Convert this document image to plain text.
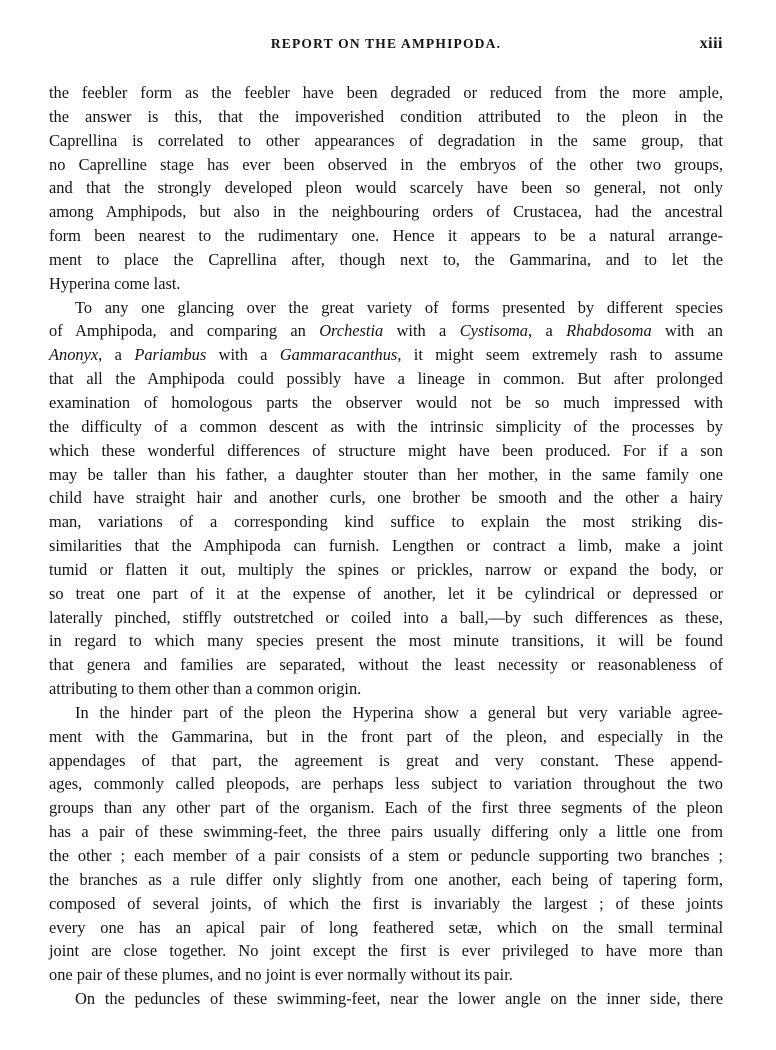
REPORT ON THE AMPHIPODA.	xiii
the feebler form as the feebler have been degraded or reduced from the more ample,
the answer is this, that the impoverished condition attributed to the pleon in the
Caprellina is correlated to other appearances of degradation in the same group, that
no Caprelline stage has ever been observed in the embryos of the other two groups,
and that the strongly developed pleon would scarcely have been so general, not only
among Amphipods, but also in the neighbouring orders of Crustacea, had the ancestral
form been nearest to the rudimentary one. Hence it appears to be a natural arrange-
ment to place the Caprellina after, though next to, the Gammarina, and to let the
Hyperina come last.
To any one glancing over the great variety of forms presented by different species
of Amphipoda, and comparing an Orchestia with a Cystisoma, a Rhabdosoma with an
Anonyx, a Pariambus with a Gammaracanthus, it might seem extremely rash to assume
that all the Amphipoda could possibly have a lineage in common. But after prolonged
examination of homologous parts the observer would not be so much impressed with
the difficulty of a common descent as with the intrinsic simplicity of the processes by
which these wonderful differences of structure might have been produced. For if a son
may be taller than his father, a daughter stouter than her mother, in the same family one
child have straight hair and another curls, one brother be smooth and the other a hairy
man, variations of a corresponding kind suffice to explain the most striking dis-
similarities that the Amphipoda can furnish. Lengthen or contract a limb, make a joint
tumid or flatten it out, multiply the spines or prickles, narrow or expand the body, or
so treat one part of it at the expense of another, let it be cylindrical or depressed or
laterally pinched, stiffly outstretched or coiled into a ball,—by such differences as these,
in regard to which many species present the most minute transitions, it will be found
that genera and families are separated, without the least necessity or reasonableness of
attributing to them other than a common origin.
In the hinder part of the pleon the Hyperina show a general but very variable agree-
ment with the Gammarina, but in the front part of the pleon, and especially in the
appendages of that part, the agreement is great and very constant. These append-
ages, commonly called pleopods, are perhaps less subject to variation throughout the two
groups than any other part of the organism. Each of the first three segments of the pleon
has a pair of these swimming-feet, the three pairs usually differing only a little one from
the other ; each member of a pair consists of a stem or peduncle supporting two branches ;
the branches as a rule differ only slightly from one another, each being of tapering form,
composed of several joints, of which the first is invariably the largest ; of these joints
every one has an apical pair of long feathered setæ, which on the small terminal
joint are close together. No joint except the first is ever privileged to have more than
one pair of these plumes, and no joint is ever normally without its pair.
On the peduncles of these swimming-feet, near the lower angle on the inner side, there
